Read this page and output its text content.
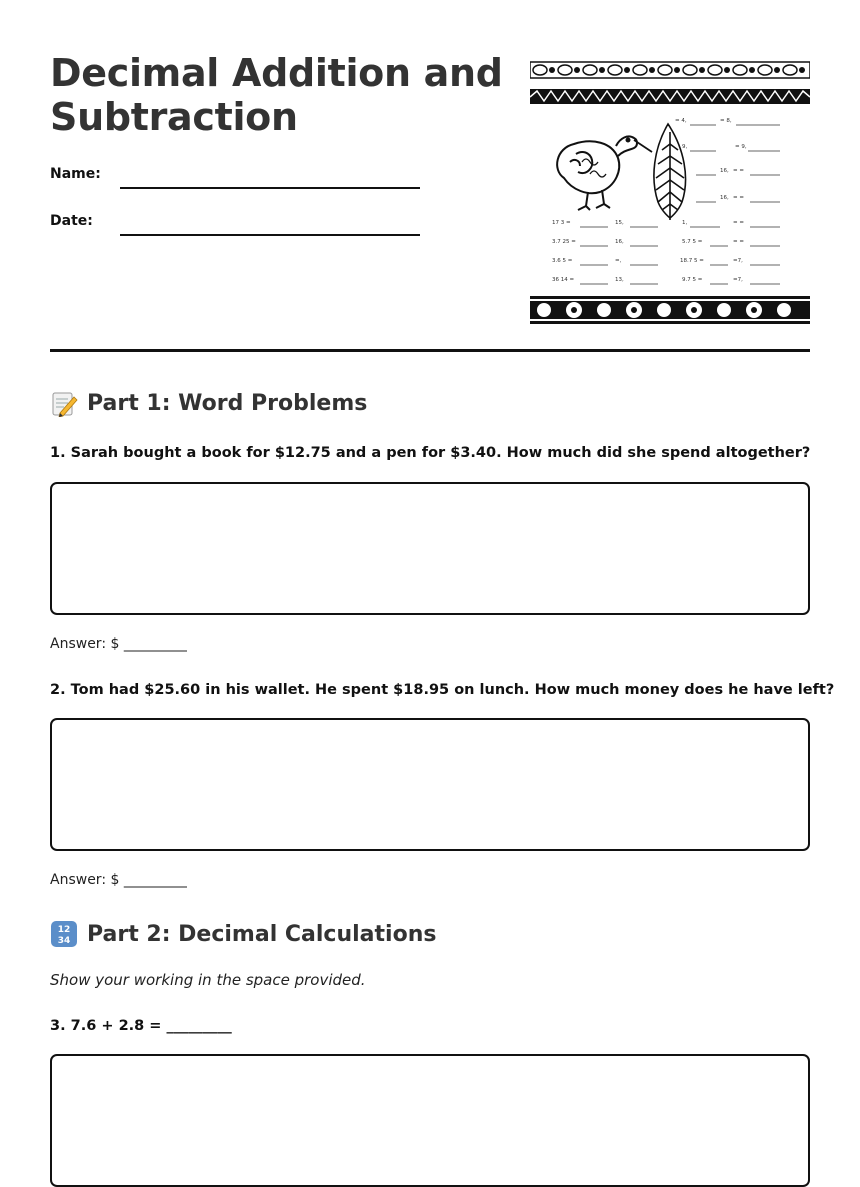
Decimal Addition and
Subtraction
Name:
Date:
= 4,	= 8,
9,	= 9,
16, = =
16, = =
17 3 =	15,	1,	= =
3.7 25 =	16,	5.7 5 =	= =
3.6 5 =	=,	18.7 5 =	=7,
36 14 =	13,	9.7 5 =	=7,
Part 1: Word Problems

1. Sarah bought a book for $12.75 and a pen for $3.40. How much did she spend altogether?

Answer: $ _________

2. Tom had $25.60 in his wallet. He spent $18.95 on lunch. How much money does he have left?

Answer: $ _________
12
34 Part 2: Decimal Calculations

Show your working in the space provided.

3. 7.6 + 2.8 = _________
